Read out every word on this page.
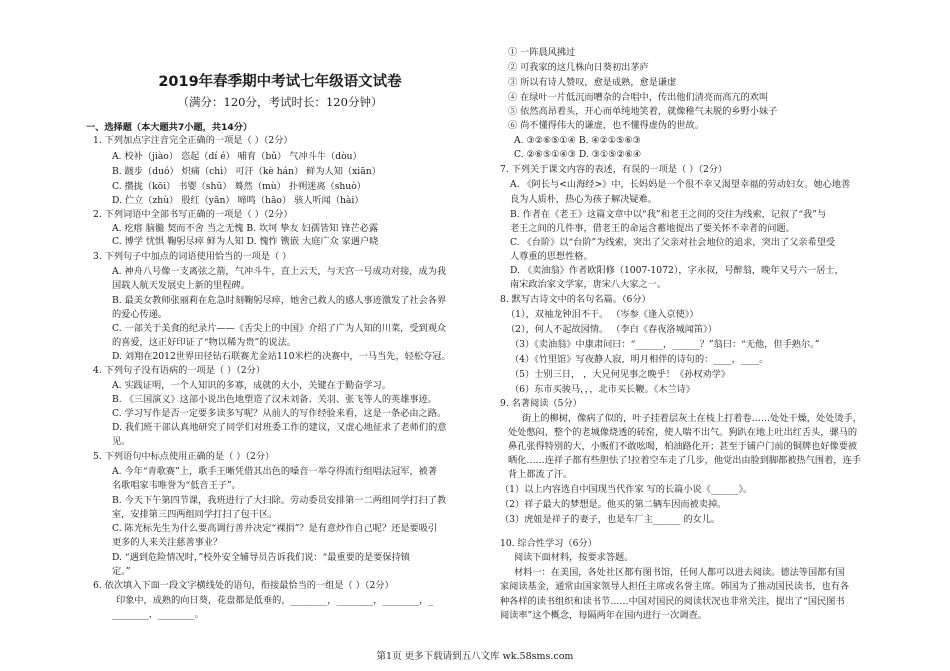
2019年春季期中考试七年级语文试卷
（满分：120分，考试时长：120分钟）
一、选择题（本大题共7小题，共14分）
1. 下列加点字注音完全正确的一项是（ ）（2分）
A. 校补（jiào） 恣起（dí é） 哺育（bǔ） 气冲斗牛（dòu）
B. 踱步（duó） 炽痛（chì） 可汗（kè hán） 鲜为人知（xiān）
C. 攒拢（kōi） 书婴（shū） 蓦然（mù） 扑朔迷离（shuò）
D. 伫立（zhù） 殷红（yān） 啼鸣（hāo） 骇人听闻（hài）
2. 下列词语中全部书写正确的一项是（ ）（2分）
A. 疙瘩 脑髓 契而不舍 当之无愧 B. 坎坷 挚友 妇孺皆知 锋芒必露
C. 博学 忧惧 鞠躬尽瘁 鲜为人知 D. 愧怍 镌嵌 大庭广众 家遇户晓
3. 下列句子中加点的词语使用恰当的一项是（ ）
A. 神舟八号像一支离弦之箭，气冲斗牛，直上云天，与天宫一号成功对接，成为我
国载人航天发展史上新的里程碑。
B. 最美女教师张丽莉在危急时刻鞠躬尽瘁，她舍己救人的感人事迹激发了社会各界
的爱心传递。
C. 一部关于美食的纪录片——《舌尖上的中国》介绍了广为人知的川菜，受到观众
的喜爱，这正好印证了“物以稀为贵”的说法。
D. 刘翔在2012世界田径钻石联赛尤金站110米栏的决赛中，一马当先，轻松夺冠。
4. 下列句子没有语病的一项是（ ）（2分）
A. 实践证明，一个人知识的多寡，成就的大小，关键在于勤奋学习。
B. 《三国演义》这部小说出色地塑造了汉末刘备、关羽、张飞等人的英雄事迹。
C. 学习写作是否一定要多读多写呢？从前人的写作经验来看，这是一条必由之路。
D. 我们班干部认真地研究了同学们对班委工作的建议，又虚心地征求了老师们的意
见。
5. 下列语句中标点使用正确的是（ ）（2分）
A. 今年“青歌赛”上，歌手王晰凭借其出色的嗓音一举夺得流行组唱法冠军，被著
名歌唱家韦唯誉为“低音王子”。
B. 今天下午第四节课，我班进行了大扫除。劳动委员安排第一二两组同学打扫了教
室，安排第三四两组同学打扫了包干区。
C. 陈光标先生为什么要高调行善并决定“裸捐”？是有意炒作自己呢？还是要吸引
更多的人来关注慈善事业？
D. “遇到危险情况时，”校外安全辅导员告诉我们说：“最重要的是要保持镇
定。”
6. 依次填入下面一段文字横线处的语句，衔接最恰当的一组是（ ）（2分）
印象中，成熟的向日葵，花盘都是低垂的，________，________，________，_
________，________。
① 一阵晨风拂过
② 可我家的这几株向日葵初出茅庐
③ 所以有诗人赞叹，愈是成熟，愈是谦虚
④ 在绿叶一片低沉而嘈杂的合唱中，传出他们清亮而高亢的欢叫
⑤ 依然高昂着头，开心而单纯地笑着，就像稚气未脱的乡野小妹子
⑥ 尚不懂得伟大的谦虚，也不懂得虚伪的世故。
A. ③②⑥⑤①④ B. ④②①⑤⑥③
C. ②⑥⑤①④③ D. ③①⑤②⑥④
7. 下列关于课文内容的表述，有误的一项是（ ）（2分）
A. 《阿长与<山海经>》中，长妈妈是一个很不幸又渴望幸福的劳动妇女。她心地善
良为人质朴，热心为孩子解决疑难。
B. 作者在《老王》这篇文章中以“我”和老王之间的交往为线索，记叙了“我”与
老王之间的几件事，借老王的命运含蓄地提出了要关怀不幸者的问题。
C. 《台阶》以“台阶”为线索，突出了父亲对社会地位的追求，突出了父亲希望受
人尊重的思想性格。
D. 《卖油翁》作者欧阳修（1007-1072），字永叔，号醉翁，晚年又号六一居士，
南宋政治家文学家，唐宋八大家之一。
8. 默写古诗文中的名句名篇。（6分）
（1），双袖龙钟泪不干。 （岑参《逢入京使》）
（2），何人不起故园情。 （李白《春夜洛城闻笛》）
（3）《卖油翁》中康肃问曰：“______，______？”翁曰：“无他，但手熟尔。”
（4）《竹里馆》写夜静人寂，明月相伴的诗句的：____，____。
（5）士别三日， ，大兄何见事之晚乎！《孙权劝学》
（6）东市买骏马，，，北市买长鞭。《木兰诗》
9. 名著阅读（5分）
街上的柳树，像病了似的，叶子挂着层灰土在枝上打着卷……处处干燥，处处烫手，
处处憋闷，整个的老城像烧透的砖窑，使人喘不出气。狗趴在地上吐出红舌头，骡马的
鼻孔张得特别的大，小贩们不敢吆喝，柏油路化开；甚至于铺户门前的铜牌也好像要被
晒化……连祥子都有些胆怯了!拉着空车走了几步，他觉出由脸到脚都被热气围着，连手
背上都流了汗。
（1）以上内容选自中国现当代作家 写的长篇小说《______》。
（2）祥子最大的梦想是。他买的第二辆车因而被卖掉。
（3）虎妞是祥子的妻子，也是车厂主______ 的女儿。
10. 综合性学习（6分）
阅读下面材料，按要求答题。
材料一：在美国，各处社区都有图书馆，任何人都可以进去阅读。德法等国都有国
家阅读基金，通常由国家领导人担任主席或名誉主席。韩国为了推动国民读书，也有各
种各样的读书组织和读书节……中国对国民的阅读状况也非常关注，提出了“国民图书
阅读率”这个概念，每隔两年在国内进行一次调查。
第1页 更多下载请到五八文库 wk.58sms.com
